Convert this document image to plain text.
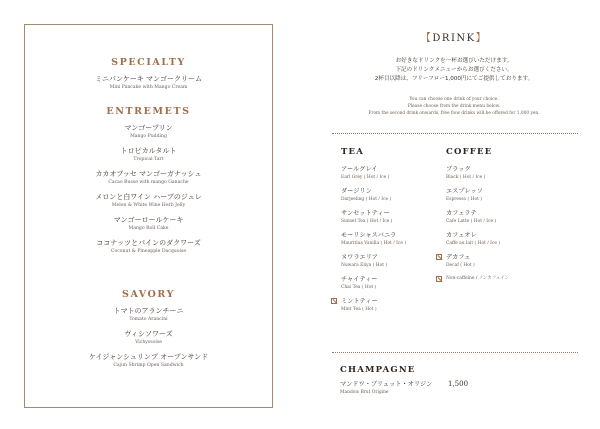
SPECIALTY
ミニパンケーキ マンゴークリーム
Mini Pancake with Mango Cream
ENTREMETS
マンゴープリン
Mango Pudding
トロピカルタルト
Tropical Tart
カカオブッセ マンゴーガナッシュ
Cacao Busse with mango Ganache
メロンと白ワイン ハーブのジュレ
Melon & White Wine Herb Jelly
マンゴーロールケーキ
Mango Roll Cake
ココナッツとパインのダクワーズ
Coconut & Pineapple Dacquoise
SAVORY
トマトのアランチーニ
Tomato Arancini
ヴィシソワーズ
Vichyssoise
ケイジャンシュリンプ オープンサンド
Cajun Shrimp Open Sandwich
【DRINK】
お好きなドリンクを一杯お選びいただけます。
下記のドリンクメニューからお選びください。
2杯目以降は、フリーフロー1,000円にてご提供しております。
You can choose one drink of your choice.
Please choose from the drink menu below.
From the second drink onwards, free flow drinks will be offered for 1,000 yen.
TEA
アールグレイ
Earl Grey ( Hot / Ice )
ダージリン
Darjeeling ( Hot / Ice )
サンセットティー
Sunset Tea ( Hot / Ice )
モーリシャスバニラ
Mauritius Vanilla ( Hot / Ice )
ヌワラエリア
Nuwara Eliya ( Hot )
チャイティー
Chai Tea ( Hot )
ミントティー
Mint Tea ( Hot )
COFFEE
ブラック
Black ( Hot / Ice )
エスプレッソ
Espresso ( Hot )
カフェラテ
Cafe Latte ( Hot / Ice )
カフェオレ
Caffe au lait ( Hot / Ice )
デカフェ
Decaf ( Hot )
Non-caffeine / ノンカフェイン
CHAMPAGNE
マンドワ・ブリュット・オリジン
Mandois Brut Origine
1,500
